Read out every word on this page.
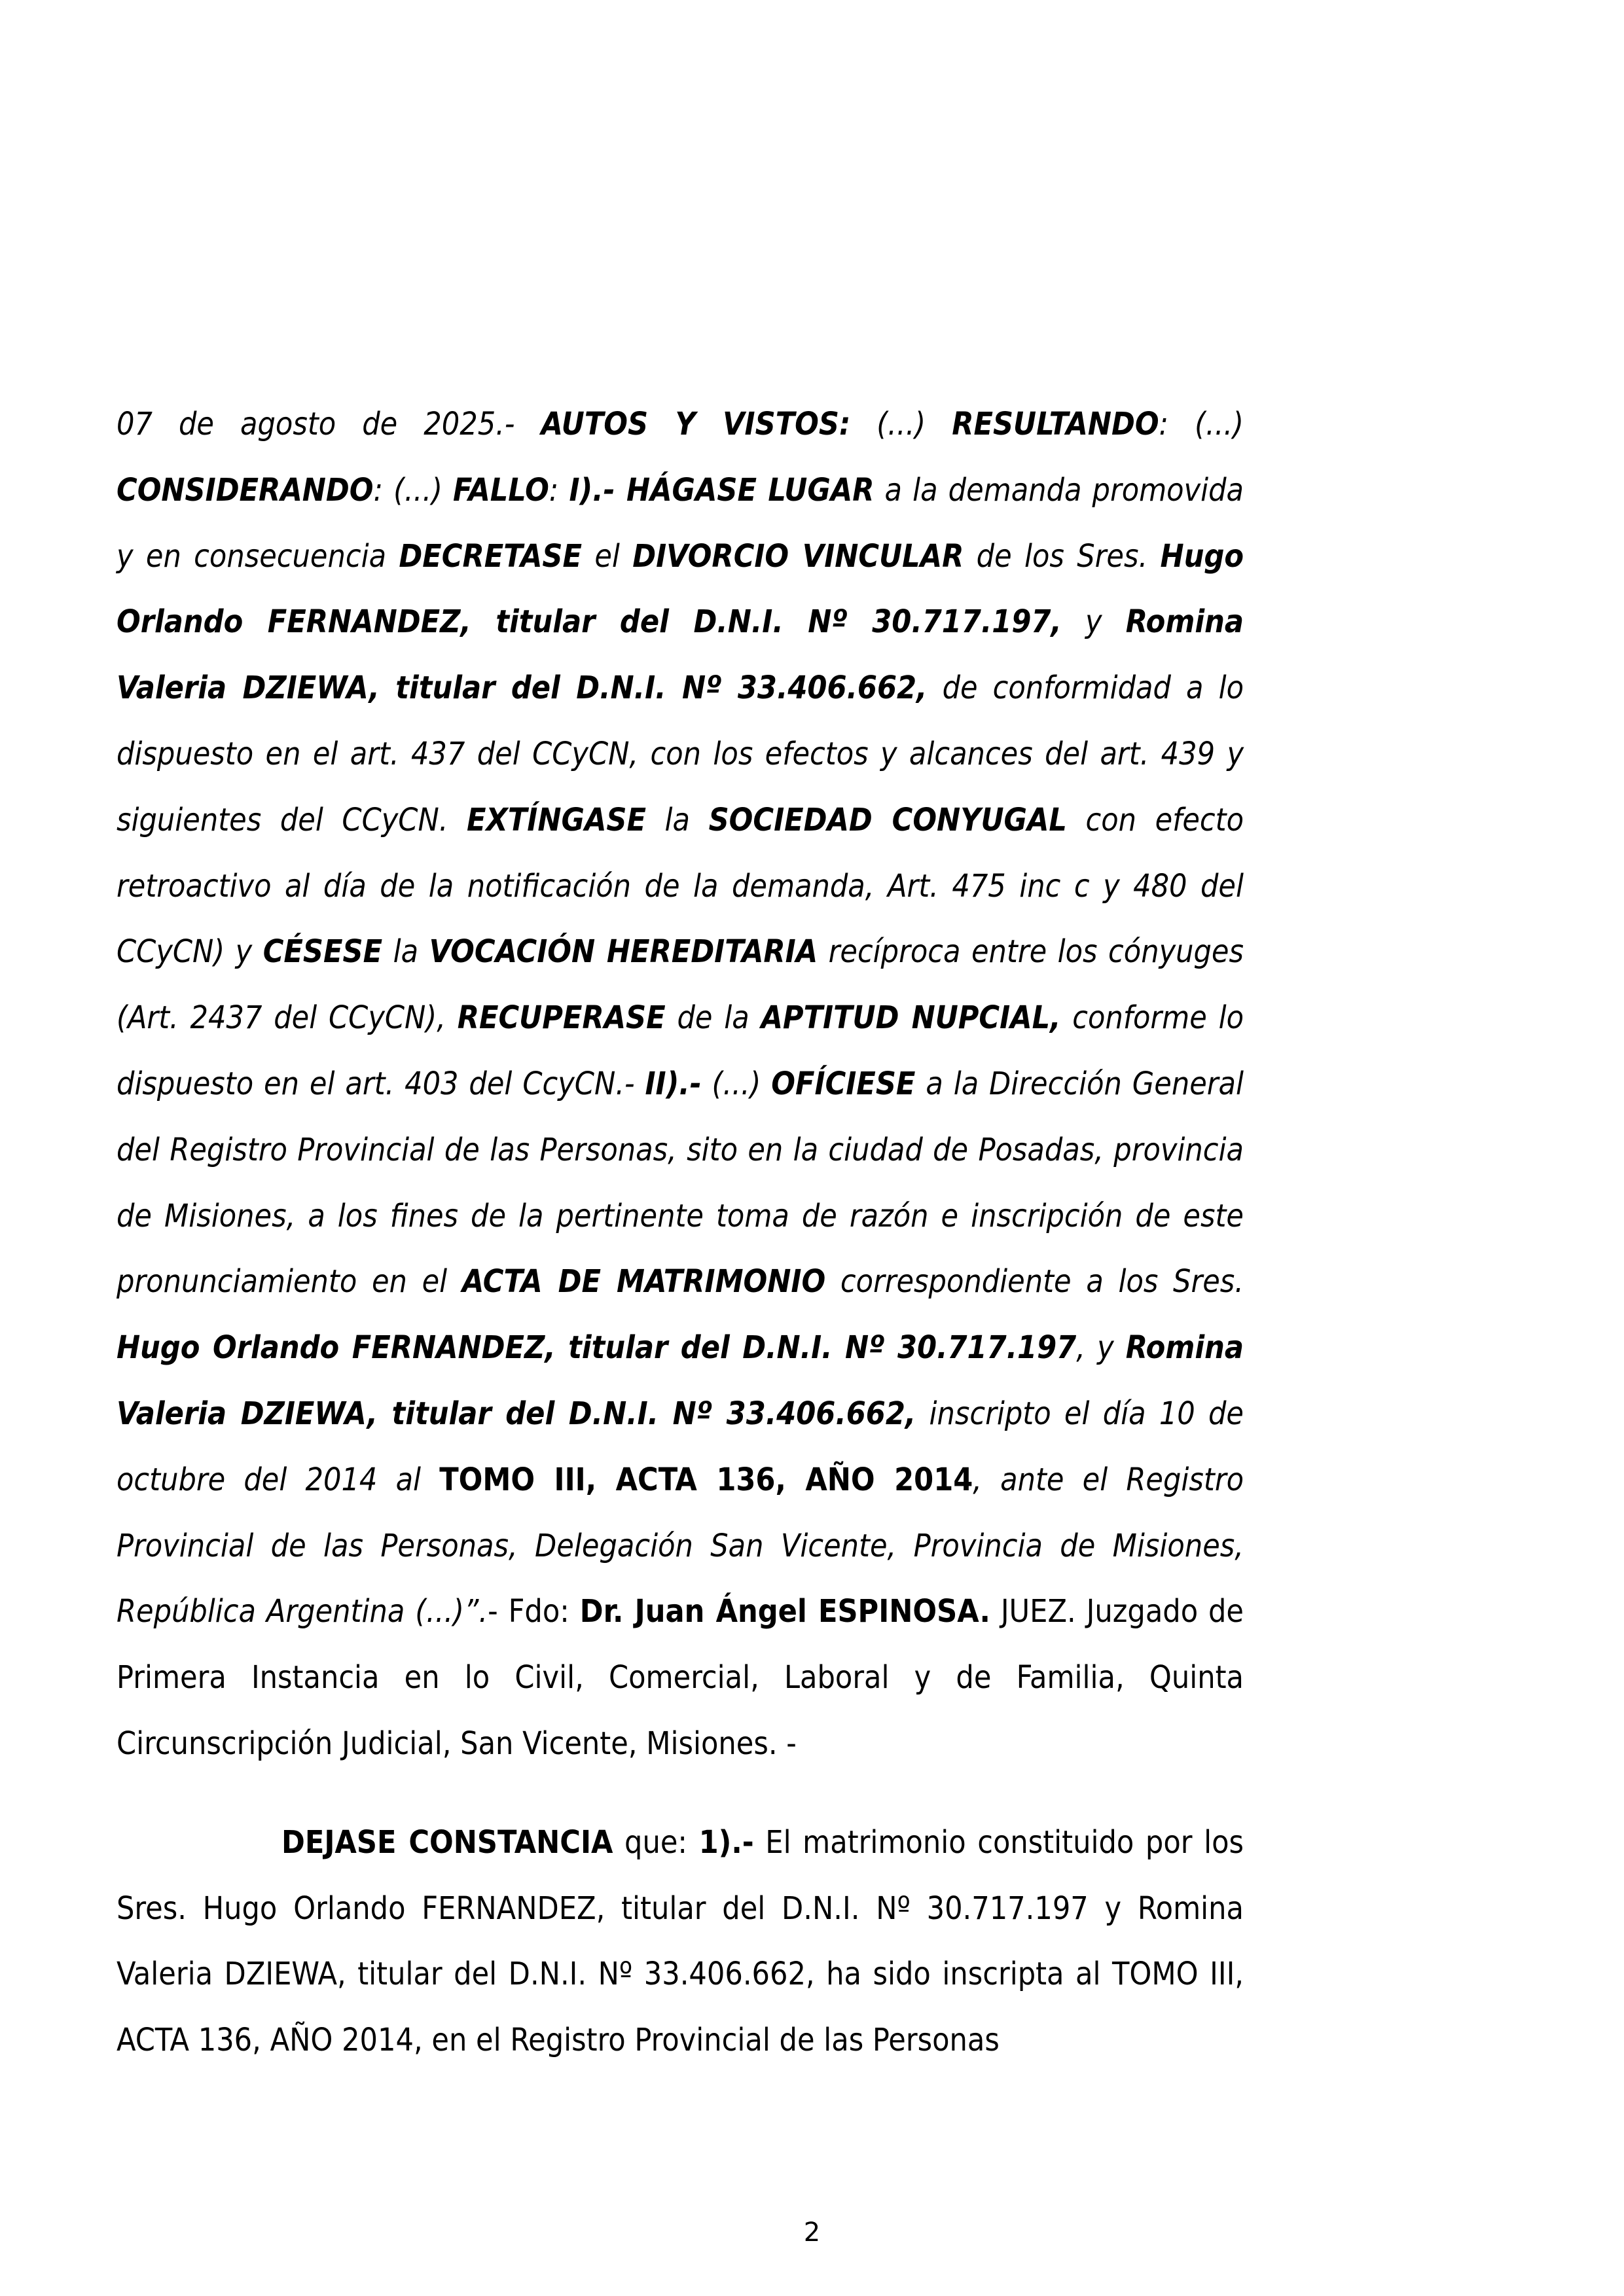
07 de agosto de 2025.- AUTOS Y VISTOS: (...) RESULTANDO: (...) CONSIDERANDO: (...) FALLO: I).- HÁGASE LUGAR a la demanda promovida y en consecuencia DECRETASE el DIVORCIO VINCULAR de los Sres. Hugo Orlando FERNANDEZ, titular del D.N.I. Nº 30.717.197, y Romina Valeria DZIEWA, titular del D.N.I. Nº 33.406.662, de conformidad a lo dispuesto en el art. 437 del CCyCN, con los efectos y alcances del art. 439 y siguientes del CCyCN. EXTÍNGASE la SOCIEDAD CONYUGAL con efecto retroactivo al día de la notificación de la demanda, Art. 475 inc c y 480 del CCyCN) y CÉSESE la VOCACIÓN HEREDITARIA recíproca entre los cónyuges (Art. 2437 del CCyCN), RECUPERASE de la APTITUD NUPCIAL, conforme lo dispuesto en el art. 403 del CcyCN.- II).- (...) OFÍCIESE a la Dirección General del Registro Provincial de las Personas, sito en la ciudad de Posadas, provincia de Misiones, a los fines de la pertinente toma de razón e inscripción de este pronunciamiento en el ACTA DE MATRIMONIO correspondiente a los Sres. Hugo Orlando FERNANDEZ, titular del D.N.I. Nº 30.717.197, y Romina Valeria DZIEWA, titular del D.N.I. Nº 33.406.662, inscripto el día 10 de octubre del 2014 al TOMO III, ACTA 136, AÑO 2014, ante el Registro Provincial de las Personas, Delegación San Vicente, Provincia de Misiones, República Argentina (...)”.- Fdo: Dr. Juan Ángel ESPINOSA. JUEZ. Juzgado de Primera Instancia en lo Civil, Comercial, Laboral y de Familia, Quinta Circunscripción Judicial, San Vicente, Misiones. -

DEJASE CONSTANCIA que: 1).- El matrimonio constituido por los Sres. Hugo Orlando FERNANDEZ, titular del D.N.I. Nº 30.717.197 y Romina Valeria DZIEWA, titular del D.N.I. Nº 33.406.662, ha sido inscripta al TOMO III, ACTA 136, AÑO 2014, en el Registro Provincial de las Personas

2
